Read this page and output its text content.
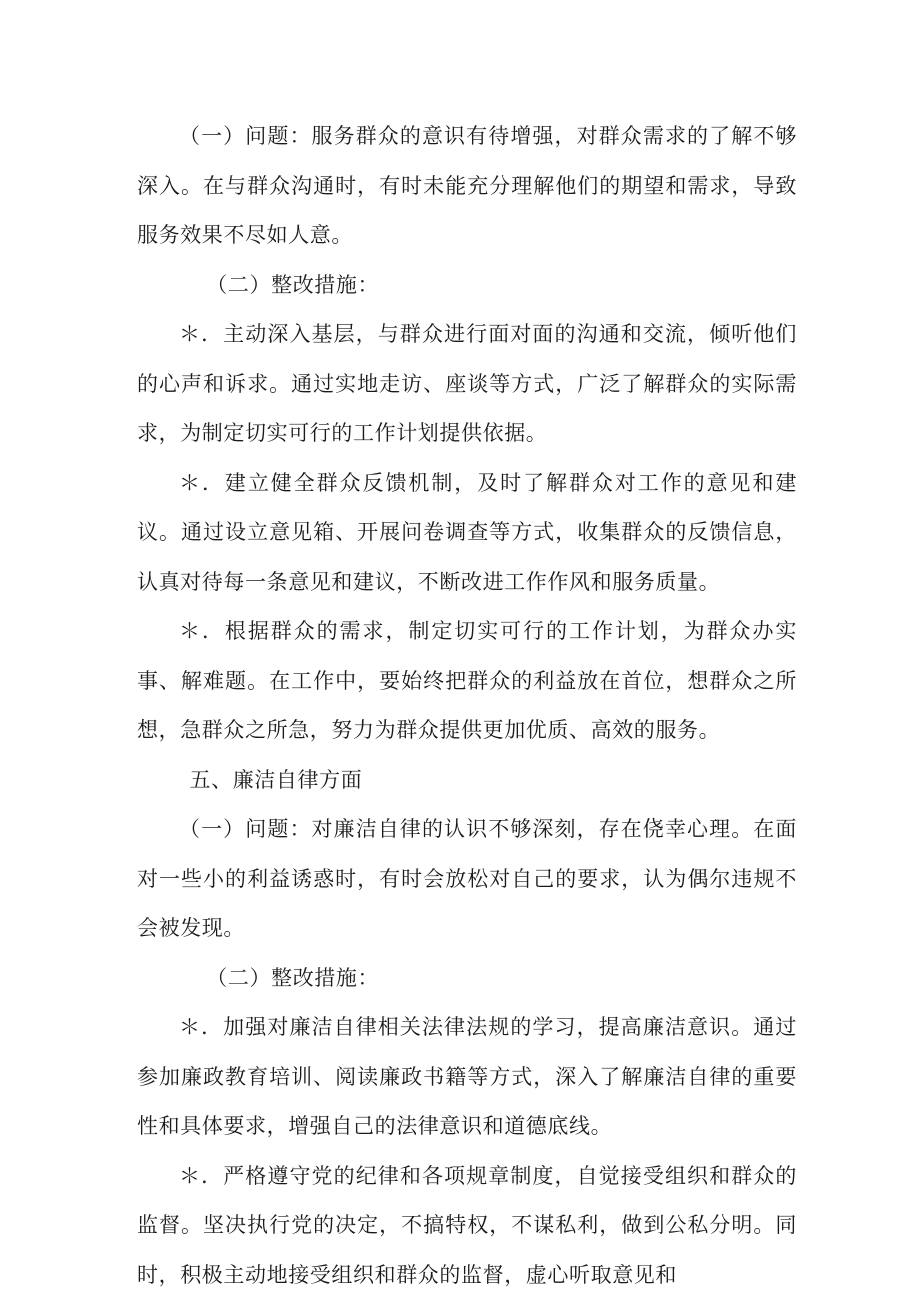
（一）问题：服务群众的意识有待增强，对群众需求的了解不够深入。在与群众沟通时，有时未能充分理解他们的期望和需求，导致服务效果不尽如人意。

（二）整改措施：

＊．主动深入基层，与群众进行面对面的沟通和交流，倾听他们的心声和诉求。通过实地走访、座谈等方式，广泛了解群众的实际需求，为制定切实可行的工作计划提供依据。

＊．建立健全群众反馈机制，及时了解群众对工作的意见和建议。通过设立意见箱、开展问卷调查等方式，收集群众的反馈信息，认真对待每一条意见和建议，不断改进工作作风和服务质量。

＊．根据群众的需求，制定切实可行的工作计划，为群众办实事、解难题。在工作中，要始终把群众的利益放在首位，想群众之所想，急群众之所急，努力为群众提供更加优质、高效的服务。

五、廉洁自律方面

（一）问题：对廉洁自律的认识不够深刻，存在侥幸心理。在面对一些小的利益诱惑时，有时会放松对自己的要求，认为偶尔违规不会被发现。

（二）整改措施：

＊．加强对廉洁自律相关法律法规的学习，提高廉洁意识。通过参加廉政教育培训、阅读廉政书籍等方式，深入了解廉洁自律的重要性和具体要求，增强自己的法律意识和道德底线。

＊．严格遵守党的纪律和各项规章制度，自觉接受组织和群众的监督。坚决执行党的决定，不搞特权，不谋私利，做到公私分明。同时，积极主动地接受组织和群众的监督，虚心听取意见和
